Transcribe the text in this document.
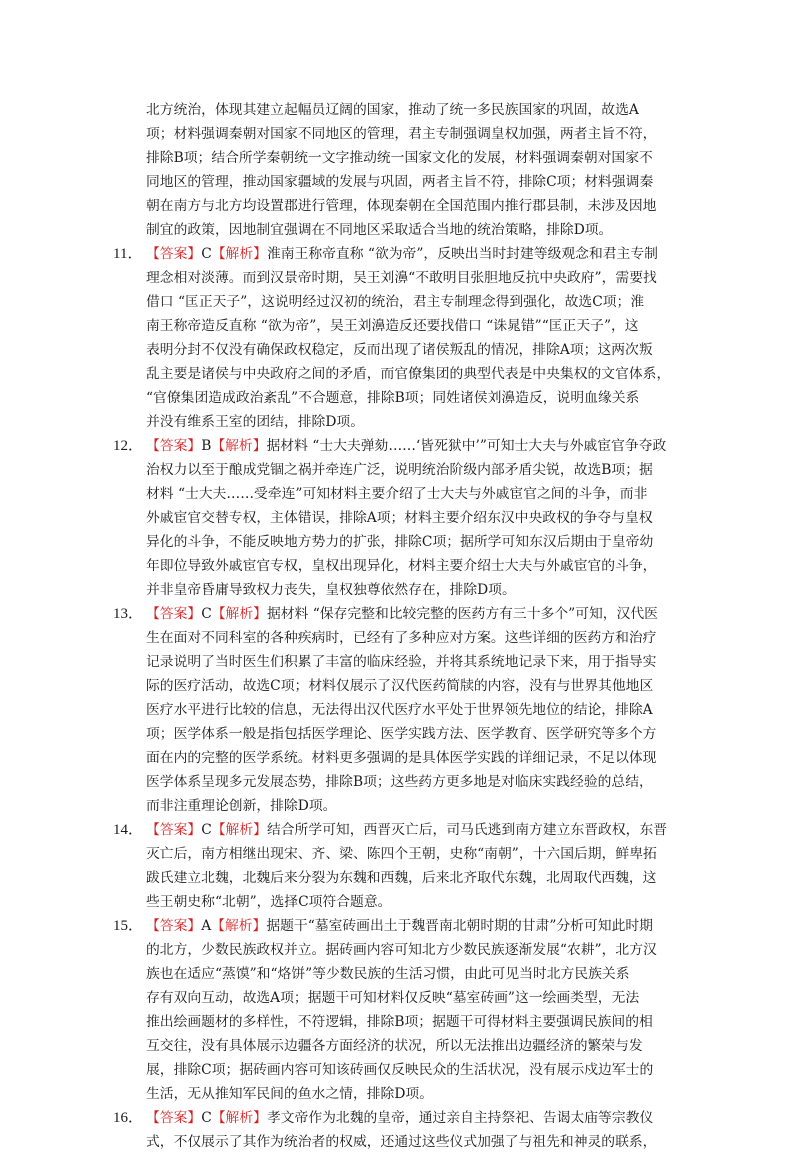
北方统治，体现其建立起幅员辽阔的国家，推动了统一多民族国家的巩固，故选A
项；材料强调秦朝对国家不同地区的管理，君主专制强调皇权加强，两者主旨不符，
排除B项；结合所学秦朝统一文字推动统一国家文化的发展，材料强调秦朝对国家不
同地区的管理，推动国家疆域的发展与巩固，两者主旨不符，排除C项；材料强调秦
朝在南方与北方均设置郡进行管理，体现秦朝在全国范围内推行郡县制，未涉及因地
制宜的政策，因地制宜强调在不同地区采取适合当地的统治策略，排除D项。
11． 【答案】C【解析】淮南王称帝直称 “欲为帝”，反映出当时封建等级观念和君主专制
理念相对淡薄。而到汉景帝时期，吴王刘濞“不敢明目张胆地反抗中央政府”，需要找
借口 “匡正天子”，这说明经过汉初的统治，君主专制理念得到强化，故选C项；淮
南王称帝造反直称 “欲为帝”，吴王刘濞造反还要找借口 “诛晁错”“匡正天子”，这
表明分封不仅没有确保政权稳定，反而出现了诸侯叛乱的情况，排除A项；这两次叛
乱主要是诸侯与中央政府之间的矛盾，而官僚集团的典型代表是中央集权的文官体系，
“官僚集团造成政治紊乱”不合题意，排除B项；同姓诸侯刘濞造反，说明血缘关系
并没有维系王室的团结，排除D项。
12． 【答案】B【解析】据材料 “士大夫弹劾……‘皆死狱中’”可知士大夫与外戚宦官争夺政
治权力以至于酿成党锢之祸并牵连广泛，说明统治阶级内部矛盾尖锐，故选B项；据
材料 “士大夫……受牵连”可知材料主要介绍了士大夫与外戚宦官之间的斗争，而非
外戚宦官交替专权，主体错误，排除A项；材料主要介绍东汉中央政权的争夺与皇权
异化的斗争，不能反映地方势力的扩张，排除C项；据所学可知东汉后期由于皇帝幼
年即位导致外戚宦官专权，皇权出现异化，材料主要介绍士大夫与外戚宦官的斗争，
并非皇帝昏庸导致权力丧失，皇权独尊依然存在，排除D项。
13． 【答案】C【解析】据材料 “保存完整和比较完整的医药方有三十多个”可知，汉代医
生在面对不同科室的各种疾病时，已经有了多种应对方案。这些详细的医药方和治疗
记录说明了当时医生们积累了丰富的临床经验，并将其系统地记录下来，用于指导实
际的医疗活动，故选C项；材料仅展示了汉代医药简牍的内容，没有与世界其他地区
医疗水平进行比较的信息，无法得出汉代医疗水平处于世界领先地位的结论，排除A
项；医学体系一般是指包括医学理论、医学实践方法、医学教育、医学研究等多个方
面在内的完整的医学系统。材料更多强调的是具体医学实践的详细记录，不足以体现
医学体系呈现多元发展态势，排除B项；这些药方更多地是对临床实践经验的总结，
而非注重理论创新，排除D项。
14． 【答案】C【解析】结合所学可知，西晋灭亡后，司马氏逃到南方建立东晋政权，东晋
灭亡后，南方相继出现宋、齐、梁、陈四个王朝，史称“南朝”，十六国后期，鲜卑拓
跋氏建立北魏，北魏后来分裂为东魏和西魏，后来北齐取代东魏，北周取代西魏，这
些王朝史称“北朝”，选择C项符合题意。
15． 【答案】A【解析】据题干“墓室砖画出土于魏晋南北朝时期的甘肃”分析可知此时期
的北方，少数民族政权并立。据砖画内容可知北方少数民族逐渐发展“农耕”，北方汉
族也在适应“蒸馍”和“烙饼”等少数民族的生活习惯，由此可见当时北方民族关系
存有双向互动，故选A项；据题干可知材料仅反映“墓室砖画”这一绘画类型，无法
推出绘画题材的多样性，不符逻辑，排除B项；据题干可得材料主要强调民族间的相
互交往，没有具体展示边疆各方面经济的状况，所以无法推出边疆经济的繁荣与发
展，排除C项；据砖画内容可知该砖画仅反映民众的生活状况，没有展示戍边军士的
生活，无从推知军民间的鱼水之情，排除D项。
16． 【答案】C【解析】孝文帝作为北魏的皇帝，通过亲自主持祭祀、告谒太庙等宗教仪
式，不仅展示了其作为统治者的权威，还通过这些仪式加强了与祖先和神灵的联系，
